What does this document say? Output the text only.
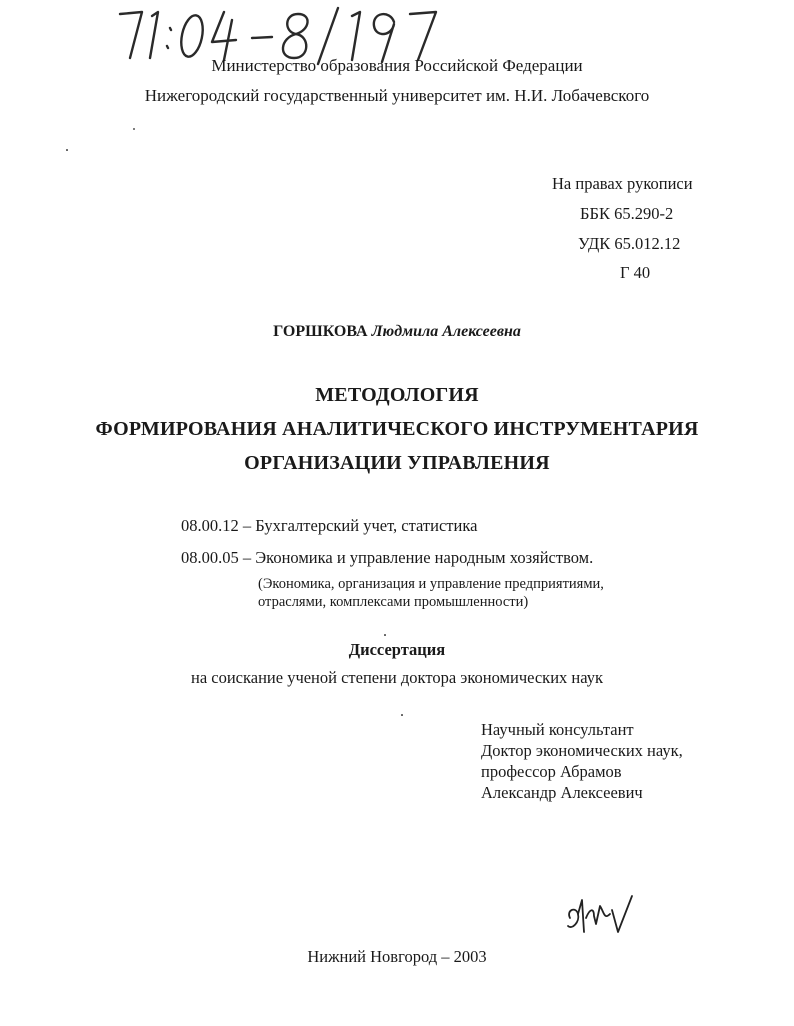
Министерство образования Российской Федерации
Нижегородский государственный университет им. Н.И. Лобачевского
На правах рукописи
ББК 65.290-2
УДК 65.012.12
Г 40
ГОРШКОВА Людмила Алексеевна
МЕТОДОЛОГИЯ
ФОРМИРОВАНИЯ АНАЛИТИЧЕСКОГО ИНСТРУМЕНТАРИЯ
ОРГАНИЗАЦИИ УПРАВЛЕНИЯ
08.00.12 – Бухгалтерский учет, статистика
08.00.05 – Экономика и управление народным хозяйством.
(Экономика, организация и управление предприятиями,
отраслями, комплексами промышленности)
Диссертация
на соискание ученой степени доктора экономических наук
Научный консультант
Доктор экономических наук,
профессор Абрамов
Александр Алексеевич
Нижний Новгород – 2003
